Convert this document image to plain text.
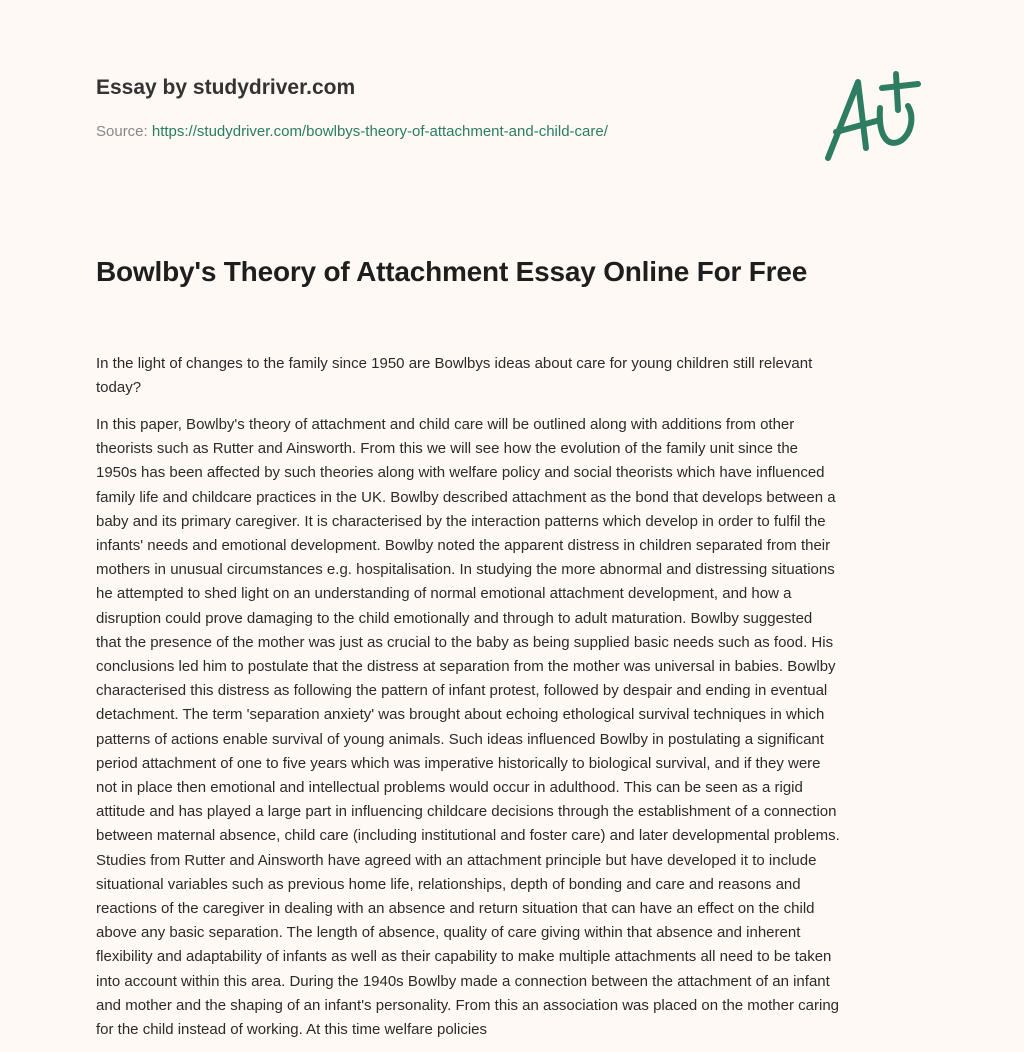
Essay by studydriver.com
Source: https://studydriver.com/bowlbys-theory-of-attachment-and-child-care/
Bowlby's Theory of Attachment Essay Online For Free
In the light of changes to the family since 1950 are Bowlbys ideas about care for young children still relevant
today?
In this paper, Bowlby's theory of attachment and child care will be outlined along with additions from other
theorists such as Rutter and Ainsworth. From this we will see how the evolution of the family unit since the
1950s has been affected by such theories along with welfare policy and social theorists which have influenced
family life and childcare practices in the UK. Bowlby described attachment as the bond that develops between a
baby and its primary caregiver. It is characterised by the interaction patterns which develop in order to fulfil the
infants' needs and emotional development. Bowlby noted the apparent distress in children separated from their
mothers in unusual circumstances e.g. hospitalisation. In studying the more abnormal and distressing situations
he attempted to shed light on an understanding of normal emotional attachment development, and how a
disruption could prove damaging to the child emotionally and through to adult maturation. Bowlby suggested
that the presence of the mother was just as crucial to the baby as being supplied basic needs such as food. His
conclusions led him to postulate that the distress at separation from the mother was universal in babies. Bowlby
characterised this distress as following the pattern of infant protest, followed by despair and ending in eventual
detachment. The term 'separation anxiety' was brought about echoing ethological survival techniques in which
patterns of actions enable survival of young animals. Such ideas influenced Bowlby in postulating a significant
period attachment of one to five years which was imperative historically to biological survival, and if they were
not in place then emotional and intellectual problems would occur in adulthood. This can be seen as a rigid
attitude and has played a large part in influencing childcare decisions through the establishment of a connection
between maternal absence, child care (including institutional and foster care) and later developmental problems.
Studies from Rutter and Ainsworth have agreed with an attachment principle but have developed it to include
situational variables such as previous home life, relationships, depth of bonding and care and reasons and
reactions of the caregiver in dealing with an absence and return situation that can have an effect on the child
above any basic separation. The length of absence, quality of care giving within that absence and inherent
flexibility and adaptability of infants as well as their capability to make multiple attachments all need to be taken
into account within this area. During the 1940s Bowlby made a connection between the attachment of an infant
and mother and the shaping of an infant's personality. From this an association was placed on the mother caring
for the child instead of working. At this time welfare policies
